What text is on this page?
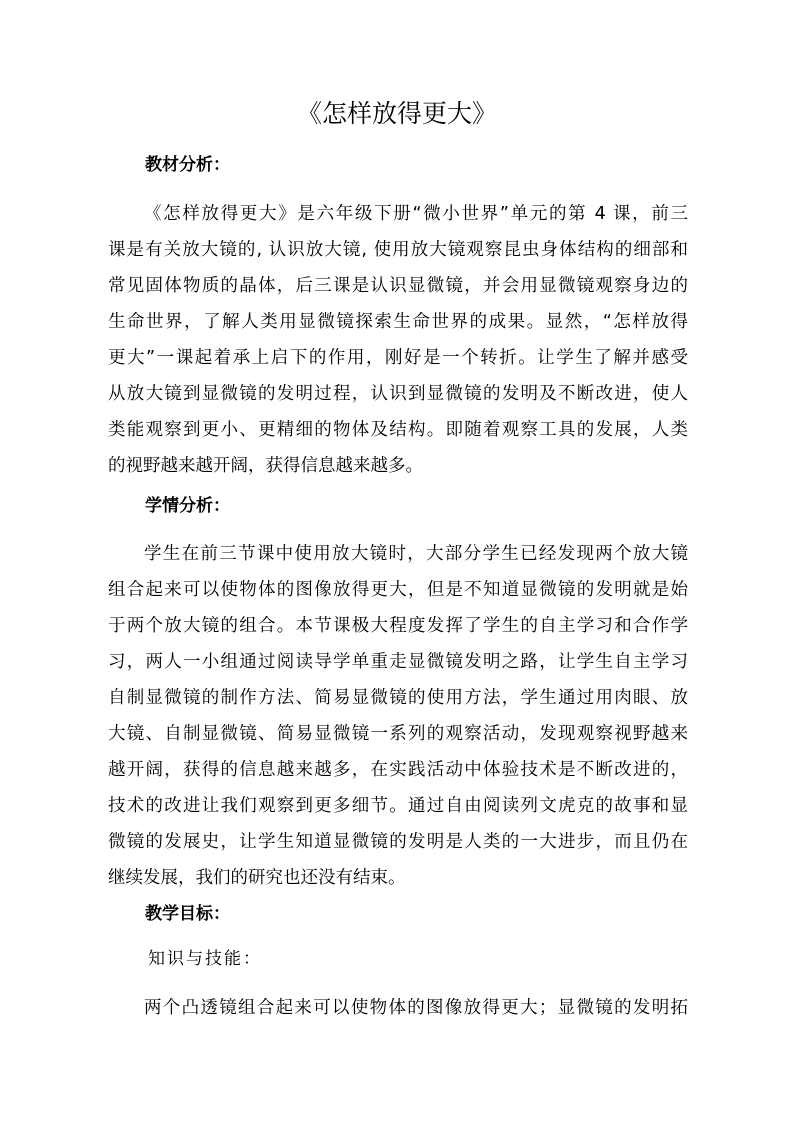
《怎样放得更大》
教材分析：
《怎样放得更大》是六年级下册“微小世界”单元的第 4 课，前三
课是有关放大镜的, 认识放大镜, 使用放大镜观察昆虫身体结构的细部和
常见固体物质的晶体，后三课是认识显微镜，并会用显微镜观察身边的
生命世界，了解人类用显微镜探索生命世界的成果。显然，“怎样放得
更大”一课起着承上启下的作用，刚好是一个转折。让学生了解并感受
从放大镜到显微镜的发明过程，认识到显微镜的发明及不断改进，使人
类能观察到更小、更精细的物体及结构。即随着观察工具的发展，人类
的视野越来越开阔，获得信息越来越多。
学情分析：
学生在前三节课中使用放大镜时，大部分学生已经发现两个放大镜
组合起来可以使物体的图像放得更大，但是不知道显微镜的发明就是始
于两个放大镜的组合。本节课极大程度发挥了学生的自主学习和合作学
习，两人一小组通过阅读导学单重走显微镜发明之路，让学生自主学习
自制显微镜的制作方法、简易显微镜的使用方法，学生通过用肉眼、放
大镜、自制显微镜、简易显微镜一系列的观察活动，发现观察视野越来
越开阔，获得的信息越来越多，在实践活动中体验技术是不断改进的，
技术的改进让我们观察到更多细节。通过自由阅读列文虎克的故事和显
微镜的发展史，让学生知道显微镜的发明是人类的一大进步，而且仍在
继续发展，我们的研究也还没有结束。
教学目标：
知识与技能：
两个凸透镜组合起来可以使物体的图像放得更大；显微镜的发明拓
